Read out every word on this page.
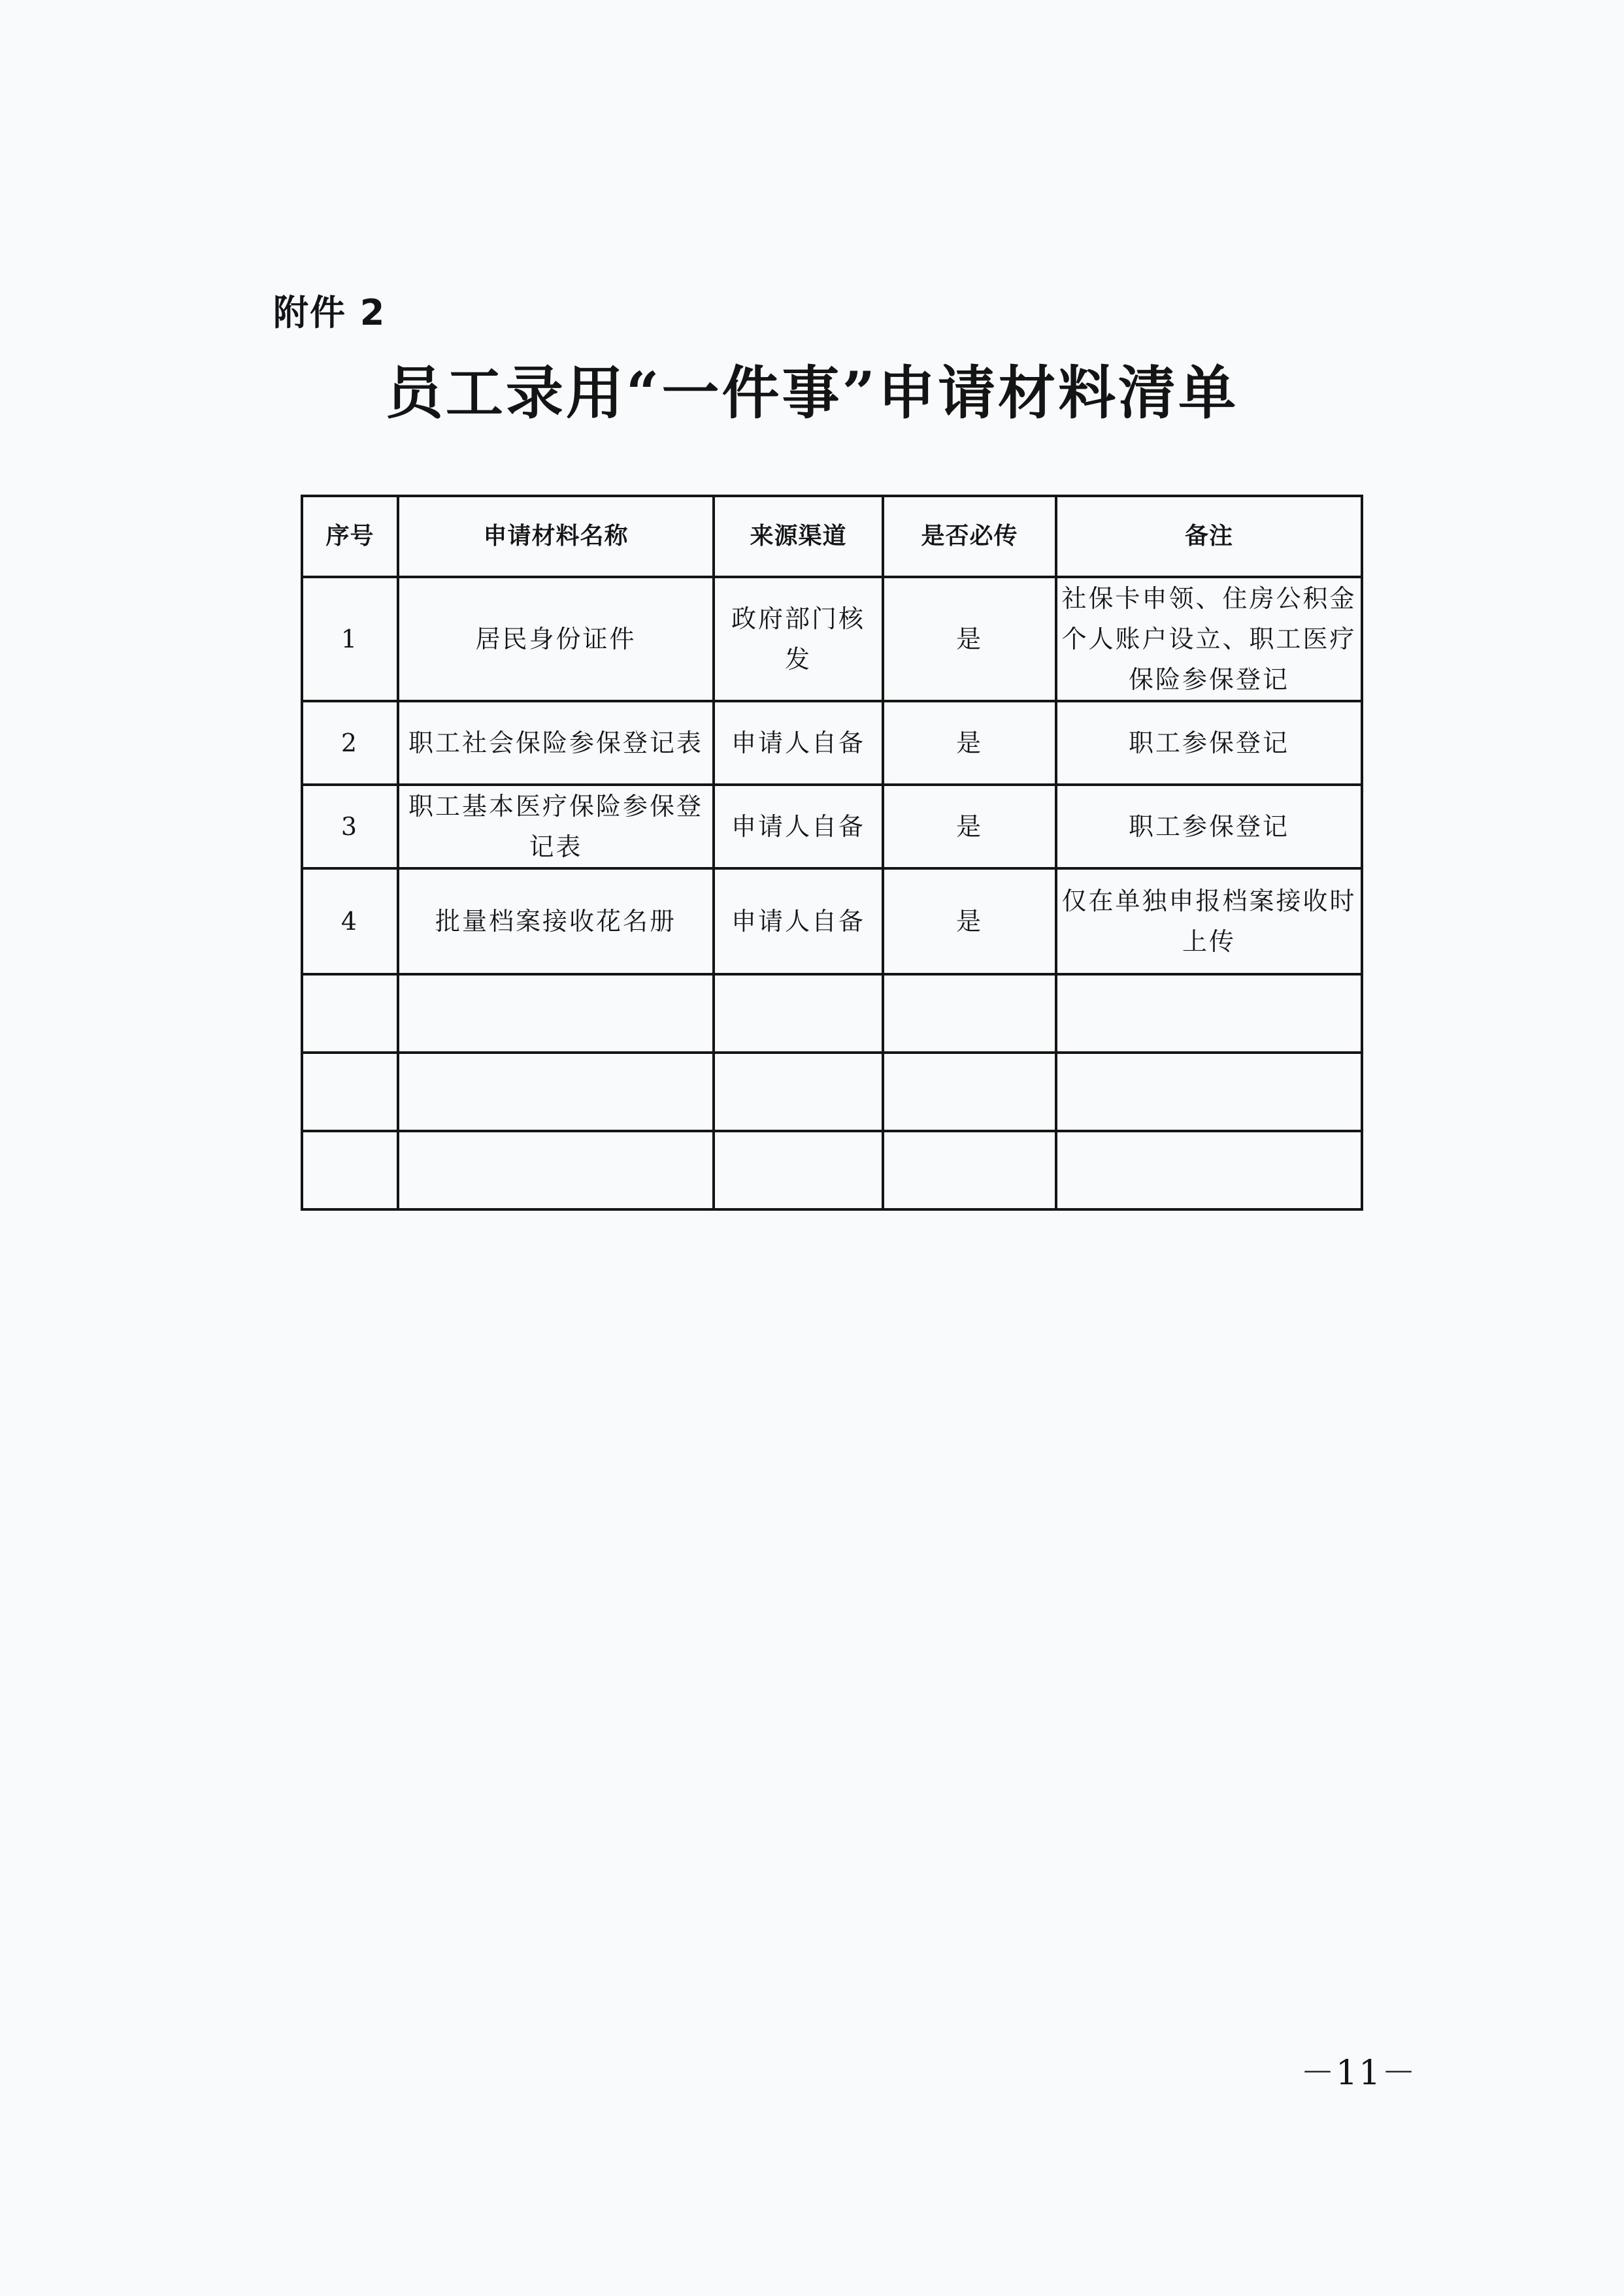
附件 2
员工录用“一件事”申请材料清单
序号	申请材料名称	来源渠道	是否必传	备注
1	居民身份证件	政府部门核发	是	社保卡申领、住房公积金个人账户设立、职工医疗保险参保登记
2	职工社会保险参保登记表	申请人自备	是	职工参保登记
3	职工基本医疗保险参保登记表	申请人自备	是	职工参保登记
4	批量档案接收花名册	申请人自备	是	仅在单独申报档案接收时上传

－11－
